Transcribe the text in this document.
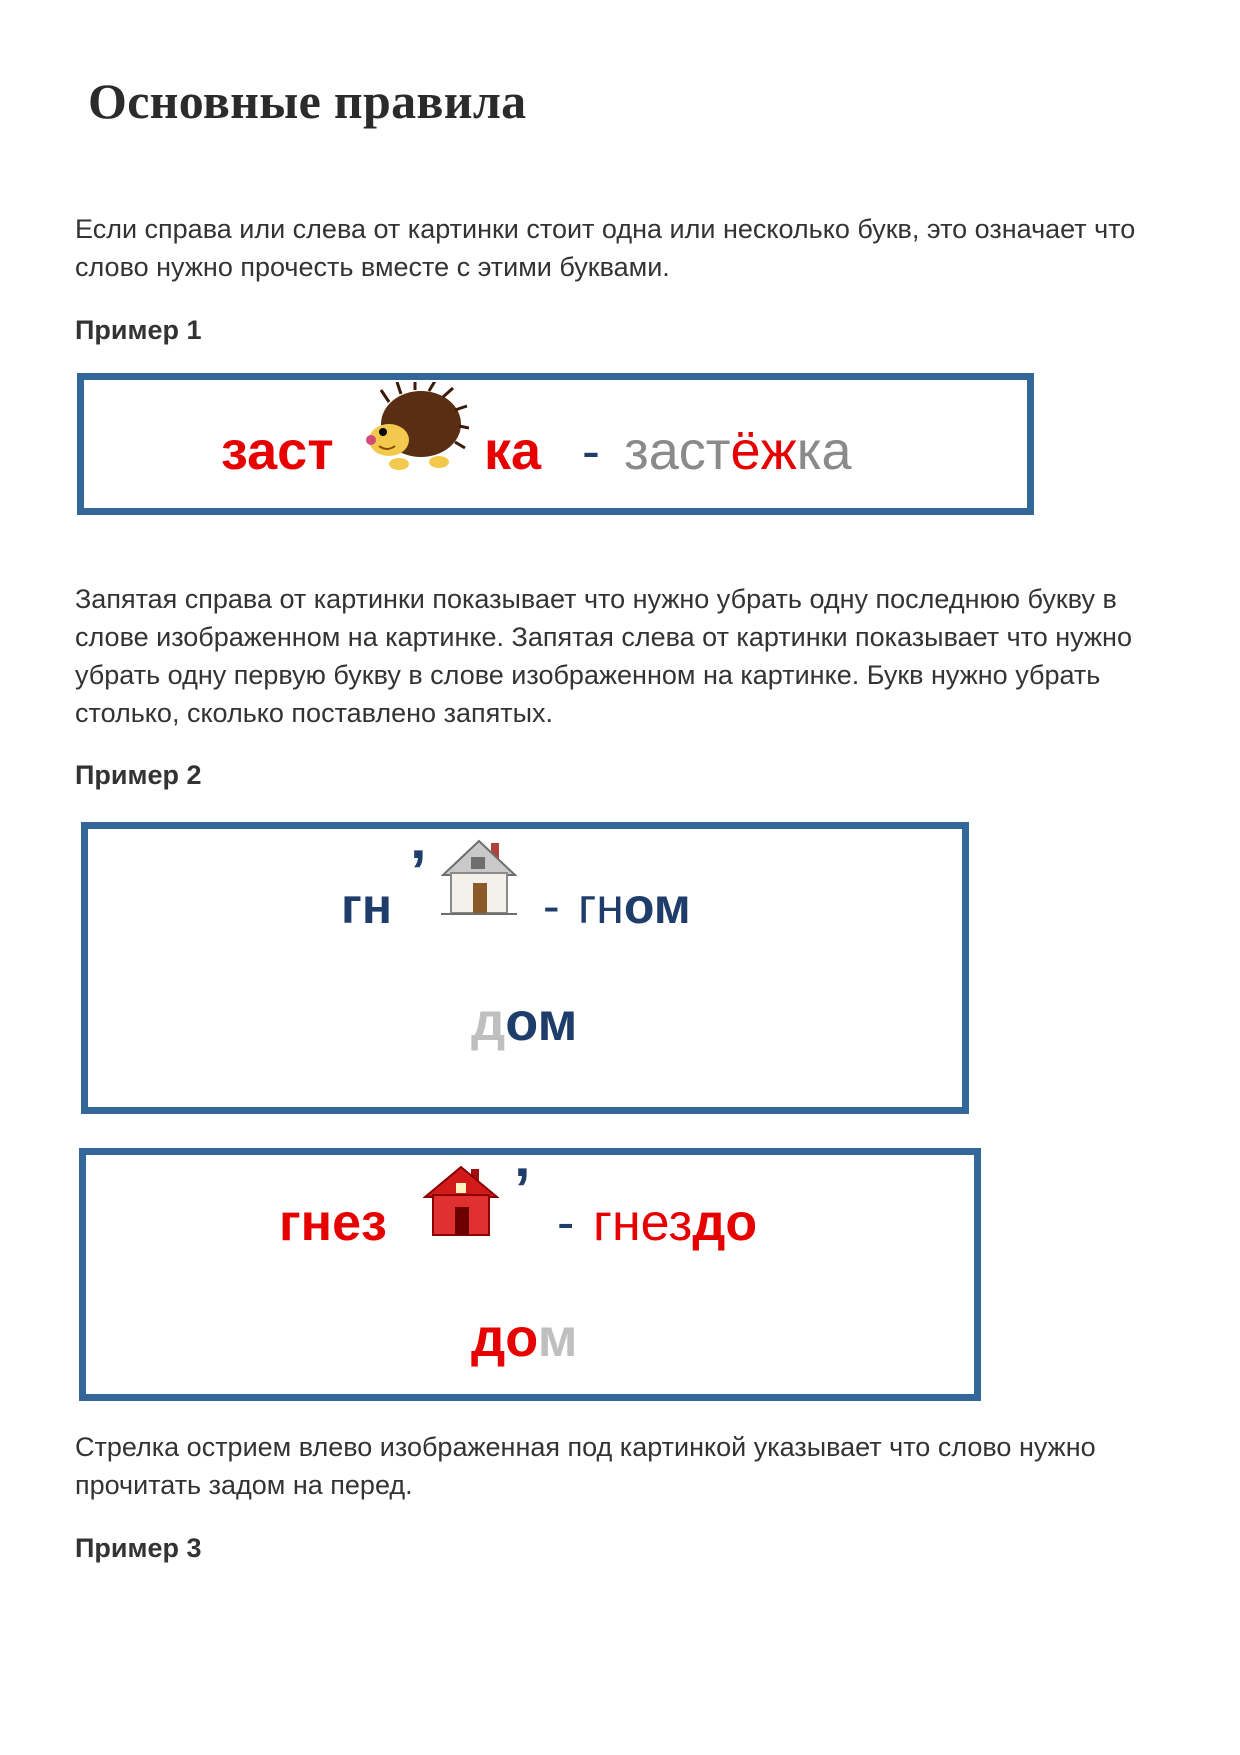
Основные правила

Если справа или слева от картинки стоит одна или несколько букв, это означает что слово нужно прочесть вместе с этими буквами.

Пример 1

заст	ка - застёжка

Запятая справа от картинки показывает что нужно убрать одну последнюю букву в слове изображенном на картинке. Запятая слева от картинки показывает что нужно убрать одну первую букву в слове изображенном на картинке. Букв нужно убрать столько, сколько поставлено запятых.

Пример 2

гн
’
- гном
дом
гнез ’ - гнездо
дом

Стрелка острием влево изображенная под картинкой указывает что слово нужно прочитать задом на перед.

Пример 3
